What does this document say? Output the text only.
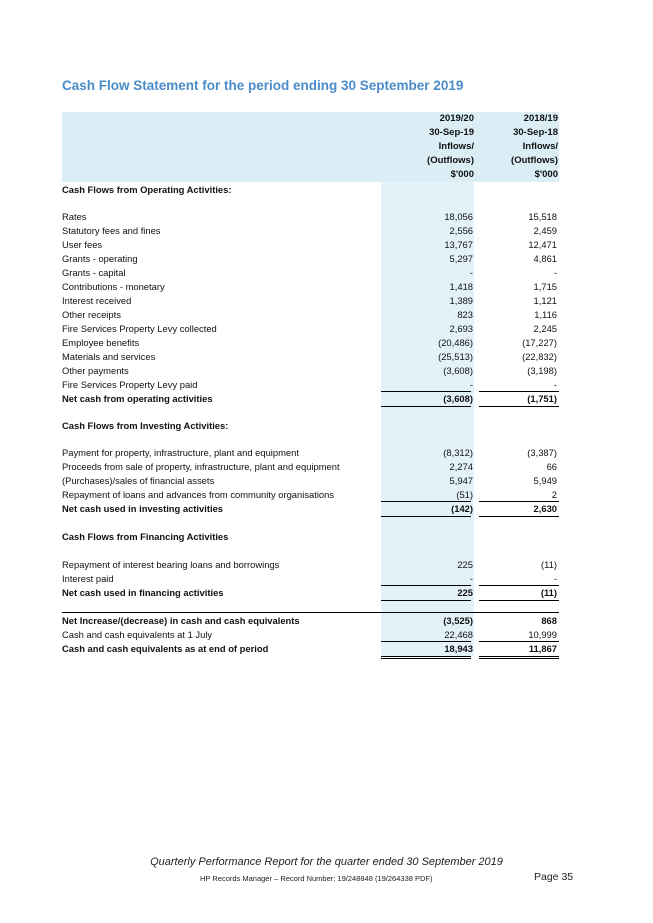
Cash Flow Statement for the period ending 30 September 2019
2019/20
30-Sep-19
Inflows/
(Outflows)
$'000
2018/19
30-Sep-18
Inflows/
(Outflows)
$'000
Cash Flows from Operating Activities:
Rates	18,056	15,518
Statutory fees and fines	2,556	2,459
User fees	13,767	12,471
Grants - operating	5,297	4,861
Grants - capital	-	-
Contributions - monetary	1,418	1,715
Interest received	1,389	1,121
Other receipts	823	1,116
Fire Services Property Levy collected	2,693	2,245
Employee benefits	(20,486)	(17,227)
Materials and services	(25,513)	(22,832)
Other payments	(3,608)	(3,198)
Fire Services Property Levy paid	-	-
Net cash from operating activities	(3,608)	(1,751)
Cash Flows from Investing Activities:
Payment for property, infrastructure, plant and equipment	(8,312)	(3,387)
Proceeds from sale of property, infrastructure, plant and equipment	2,274	66
(Purchases)/sales of financial assets	5,947	5,949
Repayment of loans and advances from community organisations	(51)	2
Net cash used in investing activities	(142)	2,630
Cash Flows from Financing Activities
Repayment of interest bearing loans and borrowings	225	(11)
Interest paid	-	-
Net cash used in financing activities	225	(11)
Net Increase/(decrease) in cash and cash equivalents	(3,525)	868
Cash and cash equivalents at 1 July	22,468	10,999
Cash and cash equivalents as at end of period	18,943	11,867
Quarterly Performance Report for the quarter ended 30 September 2019
HP Records Manager – Record Number: 19/248848 (19/264338 PDF)	Page 35
